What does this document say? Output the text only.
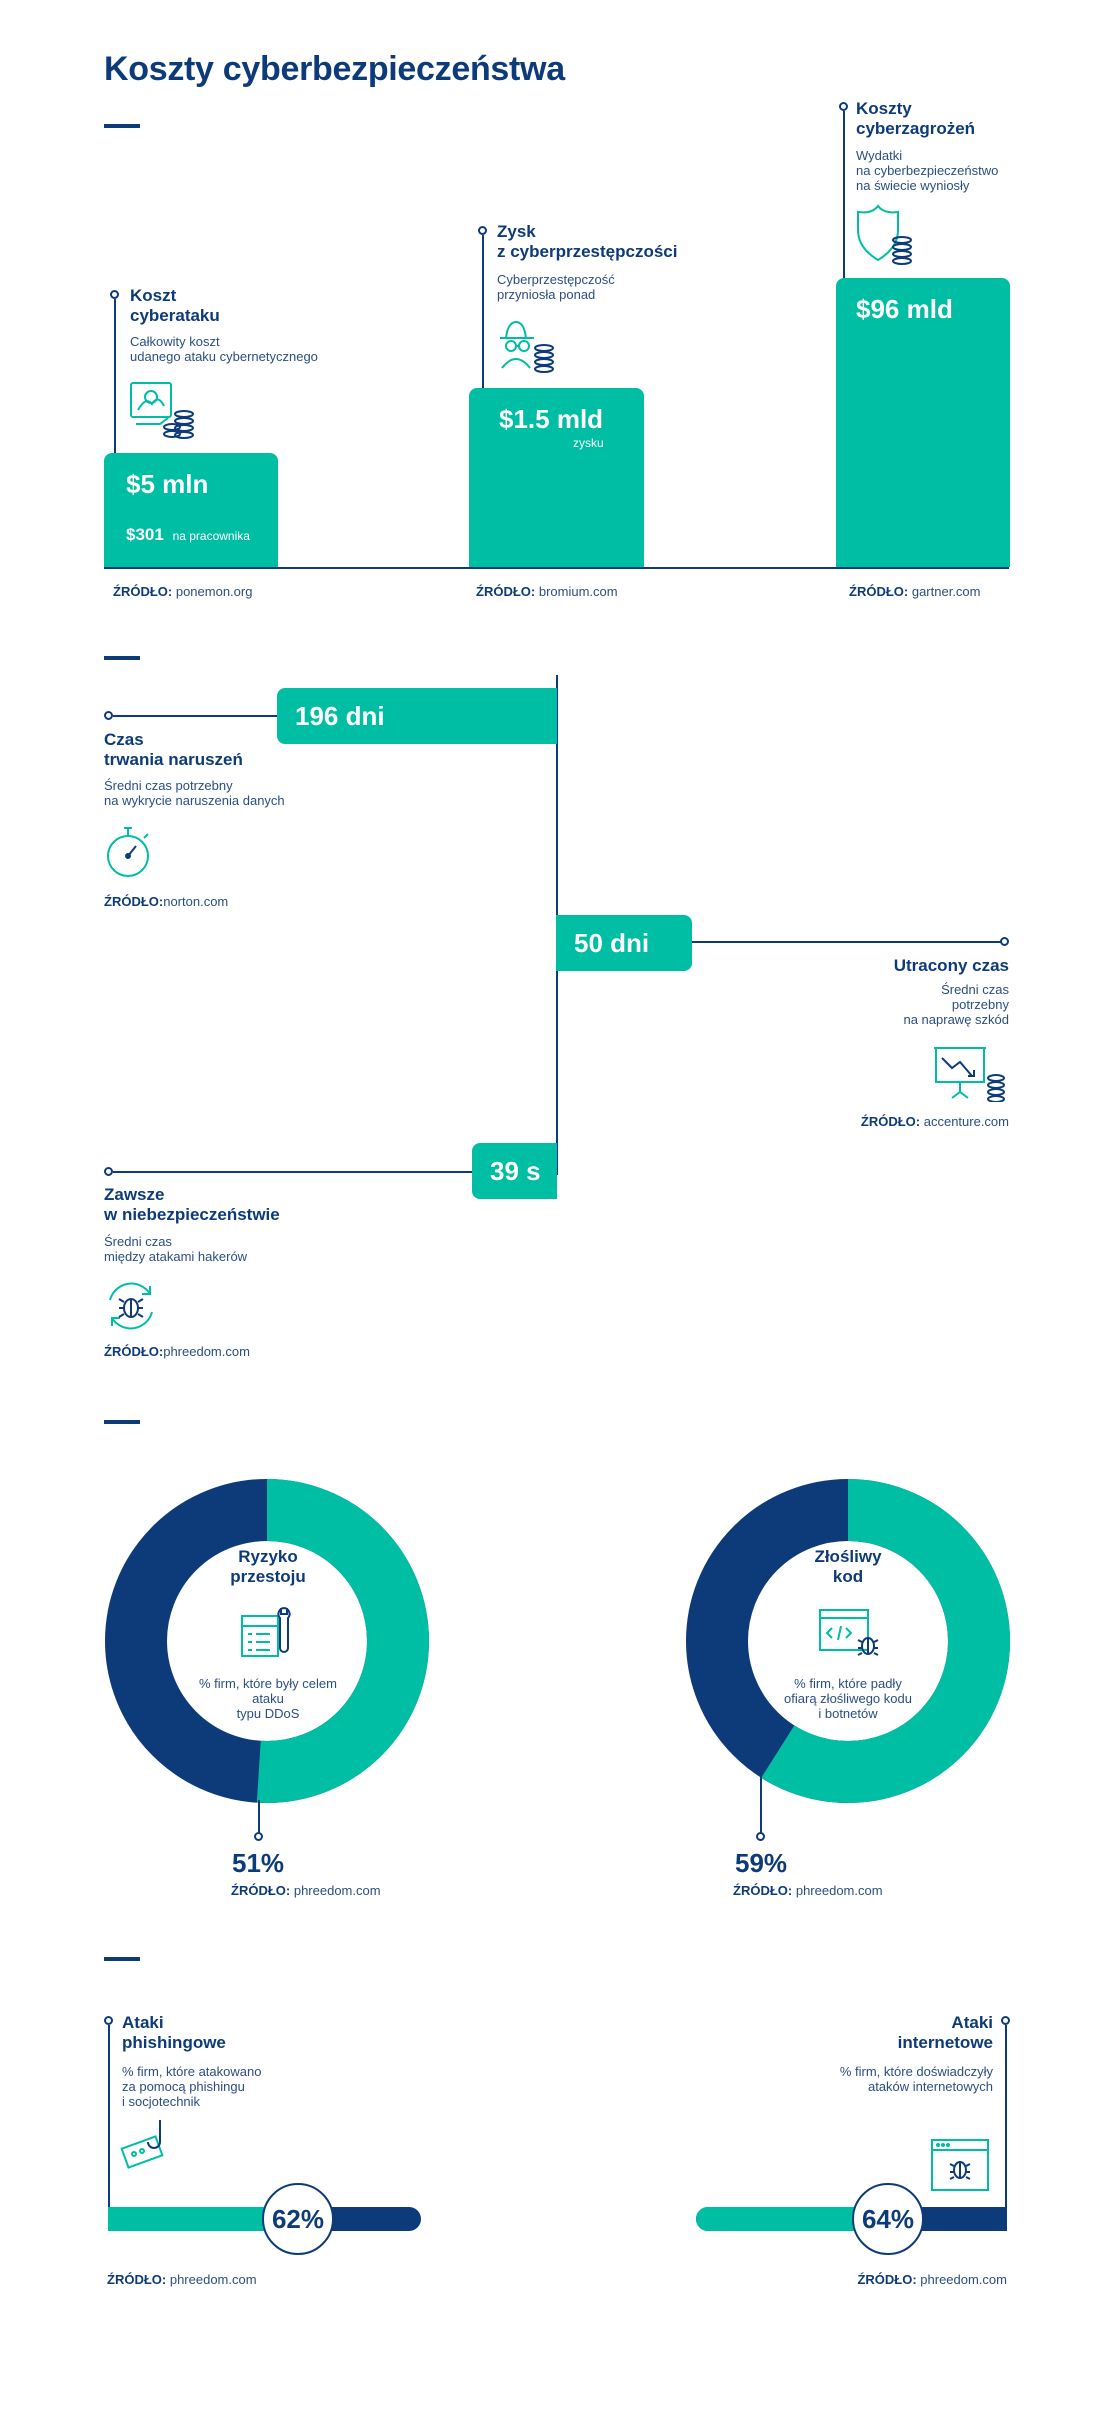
Koszty cyberbezpieczeństwa
Koszt
cyberataku
Całkowity koszt
udanego ataku cybernetycznego
$5 mln
$301 na pracownika
ŹRÓDŁO: ponemon.org
Zysk
z cyberprzestępczości
Cyberprzestępczość
przyniosła ponad
$1.5 mld
zysku
ŹRÓDŁO: bromium.com
Koszty
cyberzagrożeń
Wydatki
na cyberbezpieczeństwo
na świecie wyniosły
$96 mld
ŹRÓDŁO: gartner.com
196 dni
Czas
trwania naruszeń
Średni czas potrzebny
na wykrycie naruszenia danych
ŹRÓDŁO:norton.com
50 dni
Utracony czas
Średni czas
potrzebny
na naprawę szkód
ŹRÓDŁO: accenture.com
39 s
Zawsze
w niebezpieczeństwie
Średni czas
między atakami hakerów
ŹRÓDŁO:phreedom.com
Ryzyko
przestoju
% firm, które były celem
ataku
typu DDoS
51%
ŹRÓDŁO: phreedom.com
Złośliwy
kod
% firm, które padły
ofiarą złośliwego kodu
i botnetów
59%
ŹRÓDŁO: phreedom.com
Ataki
phishingowe
% firm, które atakowano
za pomocą phishingu
i socjotechnik
62%
ŹRÓDŁO: phreedom.com
Ataki
internetowe
% firm, które doświadczyły
ataków internetowych
64%
ŹRÓDŁO: phreedom.com
